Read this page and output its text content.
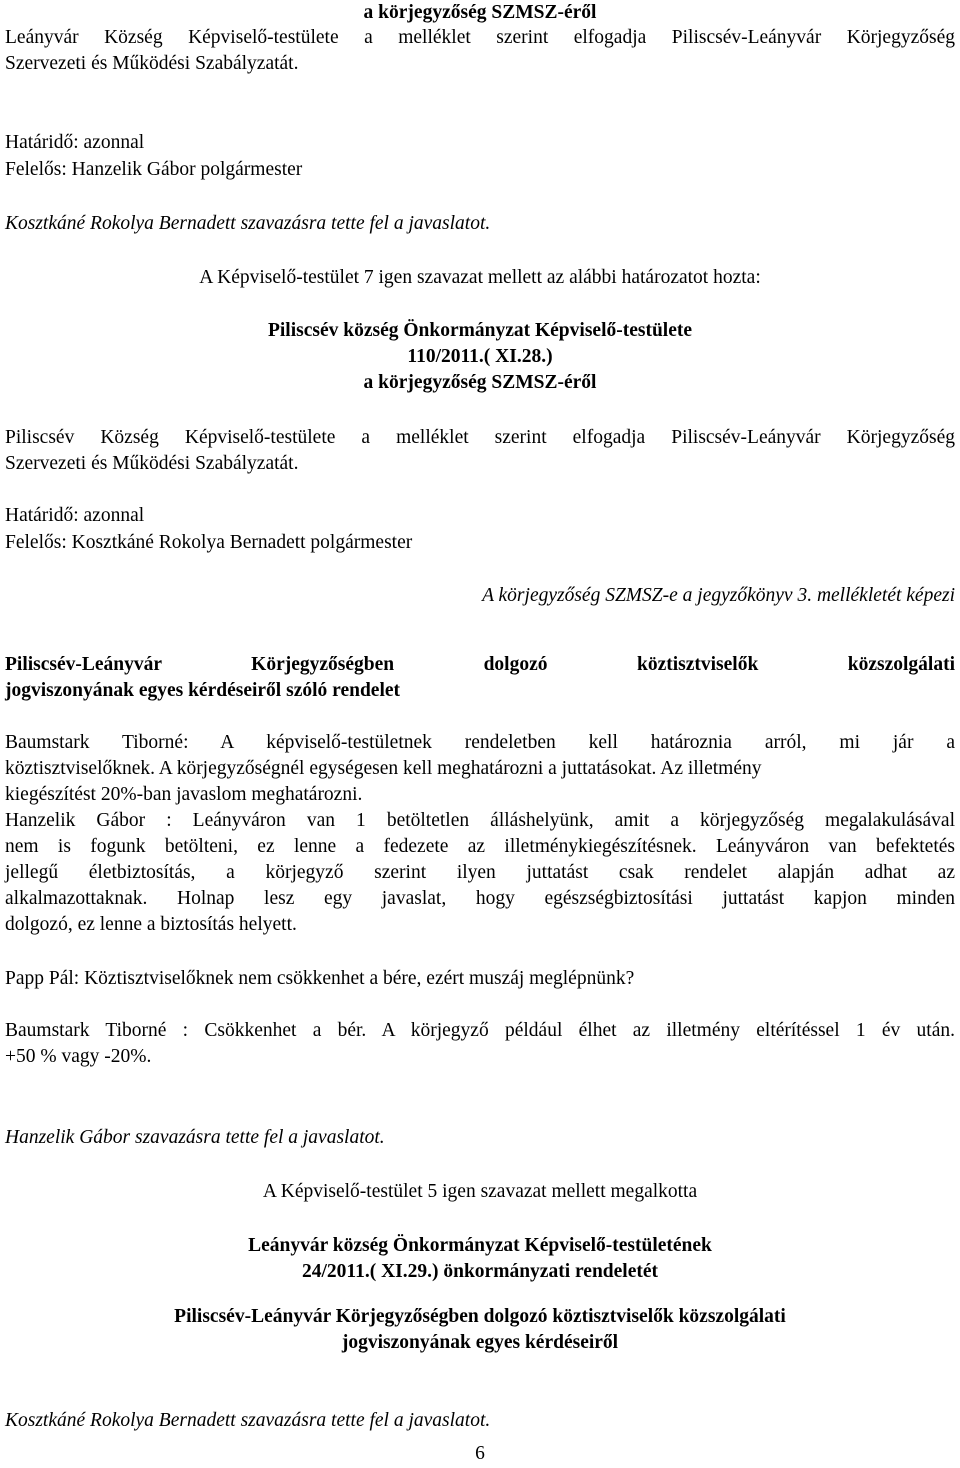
a körjegyzőség SZMSZ-éről
Leányvár Község Képviselő-testülete a melléklet szerint elfogadja Piliscsév-Leányvár Körjegyzőség
Szervezeti és Működési Szabályzatát.
Határidő: azonnal
Felelős: Hanzelik Gábor polgármester
Kosztkáné Rokolya Bernadett szavazásra tette fel a javaslatot.
A Képviselő-testület 7 igen szavazat mellett az alábbi határozatot hozta:
Piliscsév község Önkormányzat Képviselő-testülete
110/2011.( XI.28.)
a körjegyzőség SZMSZ-éről
Piliscsév Község Képviselő-testülete a melléklet szerint elfogadja Piliscsév-Leányvár Körjegyzőség
Szervezeti és Működési Szabályzatát.
Határidő: azonnal
Felelős: Kosztkáné Rokolya Bernadett polgármester
A körjegyzőség SZMSZ-e a jegyzőkönyv 3. mellékletét képezi
Piliscsév-Leányvár Körjegyzőségben dolgozó köztisztviselők közszolgálati
jogviszonyának egyes kérdéseiről szóló rendelet
Baumstark Tiborné: A képviselő-testületnek rendeletben kell határoznia arról, mi jár a
köztisztviselőknek. A körjegyzőségnél egységesen kell meghatározni a juttatásokat. Az illetmény
kiegészítést 20%-ban javaslom meghatározni.
Hanzelik Gábor : Leányváron van 1 betöltetlen álláshelyünk, amit a körjegyzőség megalakulásával
nem is fogunk betölteni, ez lenne a fedezete az illetménykiegészítésnek. Leányváron van befektetés
jellegű életbiztosítás, a körjegyző szerint ilyen juttatást csak rendelet alapján adhat az
alkalmazottaknak. Holnap lesz egy javaslat, hogy egészségbiztosítási juttatást kapjon minden
dolgozó, ez lenne a biztosítás helyett.
Papp Pál: Köztisztviselőknek nem csökkenhet a bére, ezért muszáj meglépnünk?
Baumstark Tiborné : Csökkenhet a bér. A körjegyző például élhet az illetmény eltérítéssel 1 év után.
+50 % vagy -20%.
Hanzelik Gábor szavazásra tette fel a javaslatot.
A Képviselő-testület 5 igen szavazat mellett megalkotta
Leányvár község Önkormányzat Képviselő-testületének
24/2011.( XI.29.) önkormányzati rendeletét
Piliscsév-Leányvár Körjegyzőségben dolgozó köztisztviselők közszolgálati
jogviszonyának egyes kérdéseiről
Kosztkáné Rokolya Bernadett szavazásra tette fel a javaslatot.
6
